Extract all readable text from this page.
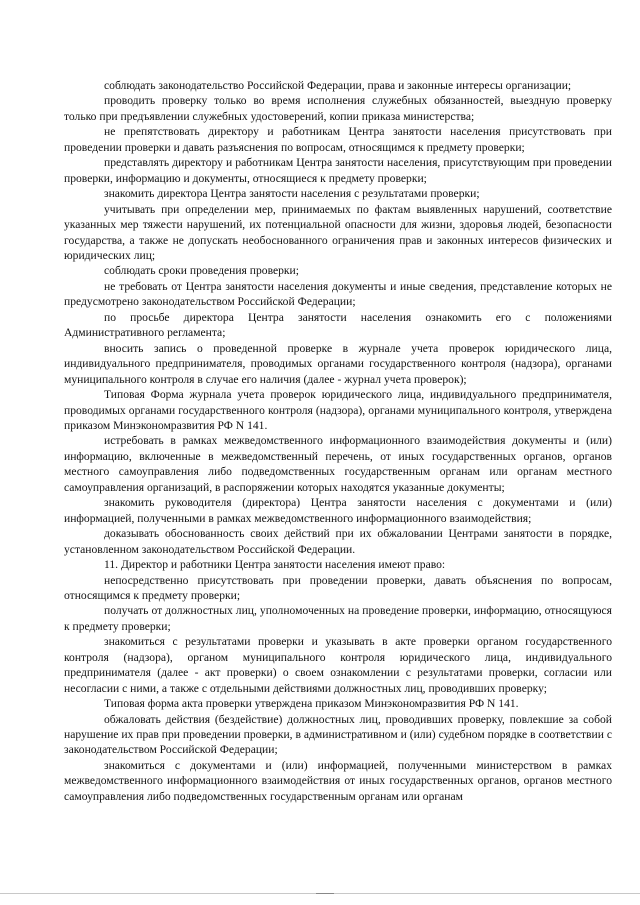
соблюдать законодательство Российской Федерации, права и законные интересы организации;

проводить проверку только во время исполнения служебных обязанностей, выездную проверку только при предъявлении служебных удостоверений, копии приказа министерства;

не препятствовать директору и работникам Центра занятости населения присутствовать при проведении проверки и давать разъяснения по вопросам, относящимся к предмету проверки;

представлять директору и работникам Центра занятости населения, присутствующим при проведении проверки, информацию и документы, относящиеся к предмету проверки;

знакомить директора Центра занятости населения с результатами проверки;

учитывать при определении мер, принимаемых по фактам выявленных нарушений, соответствие указанных мер тяжести нарушений, их потенциальной опасности для жизни, здоровья людей, безопасности государства, а также не допускать необоснованного ограничения прав и законных интересов физических и юридических лиц;

соблюдать сроки проведения проверки;

не требовать от Центра занятости населения документы и иные сведения, представление которых не предусмотрено законодательством Российской Федерации;

по просьбе директора Центра занятости населения ознакомить его с положениями Административного регламента;

вносить запись о проведенной проверке в журнале учета проверок юридического лица, индивидуального предпринимателя, проводимых органами государственного контроля (надзора), органами муниципального контроля в случае его наличия (далее - журнал учета проверок);

Типовая Форма журнала учета проверок юридического лица, индивидуального предпринимателя, проводимых органами государственного контроля (надзора), органами муниципального контроля, утверждена приказом Минэкономразвития РФ N 141.

истребовать в рамках межведомственного информационного взаимодействия документы и (или) информацию, включенные в межведомственный перечень, от иных государственных органов, органов местного самоуправления либо подведомственных государственным органам или органам местного самоуправления организаций, в распоряжении которых находятся указанные документы;

знакомить руководителя (директора) Центра занятости населения с документами и (или) информацией, полученными в рамках межведомственного информационного взаимодействия;

доказывать обоснованность своих действий при их обжаловании Центрами занятости в порядке, установленном законодательством Российской Федерации.

11. Директор и работники Центра занятости населения имеют право:

непосредственно присутствовать при проведении проверки, давать объяснения по вопросам, относящимся к предмету проверки;

получать от должностных лиц, уполномоченных на проведение проверки, информацию, относящуюся к предмету проверки;

знакомиться с результатами проверки и указывать в акте проверки органом государственного контроля (надзора), органом муниципального контроля юридического лица, индивидуального предпринимателя (далее - акт проверки) о своем ознакомлении с результатами проверки, согласии или несогласии с ними, а также с отдельными действиями должностных лиц, проводивших проверку;

Типовая форма акта проверки утверждена приказом Минэкономразвития РФ N 141.

обжаловать действия (бездействие) должностных лиц, проводивших проверку, повлекшие за собой нарушение их прав при проведении проверки, в административном и (или) судебном порядке в соответствии с законодательством Российской Федерации;

знакомиться с документами и (или) информацией, полученными министерством в рамках межведомственного информационного взаимодействия от иных государственных органов, органов местного самоуправления либо подведомственных государственным органам или органам
